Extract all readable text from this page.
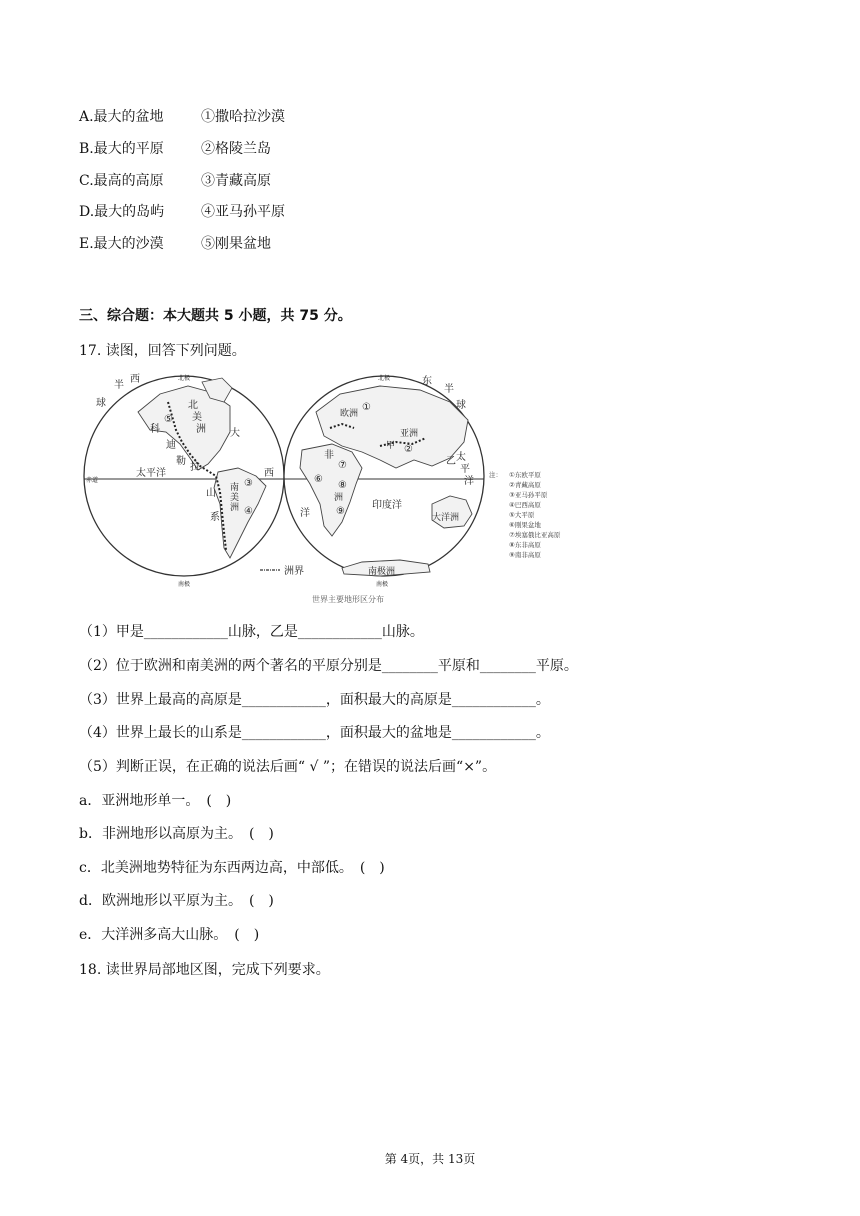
A.最大的盆地	①撒哈拉沙漠
B.最大的平原	②格陵兰岛
C.最高的高原	③青藏高原
D.最大的岛屿	④亚马孙平原
E.最大的沙漠	⑤刚果盆地
三、综合题：本大题共 5 小题，共 75 分。
17. 读图，回答下列问题。
半
西
球
北极
南极
赤道
北
美
洲
科
迪
勒
拉
山
系
大
西
太平洋
南
美
洲
⑤
④
③
东
半
球
北极
南极
欧洲
①
亚洲
甲 ②
乙 太
平
洋
非
⑦
⑥
⑧
洲
⑨
洋
印度洋
大洋洲
南极洲
洲界
世界主要地形区分布
注： ①东欧平原
②青藏高原
③亚马孙平原
④巴西高原
⑤大平原
⑥刚果盆地
⑦埃塞俄比亚高原
⑧东非高原
⑨南非高原
（1）甲是____________山脉，乙是____________山脉。
（2）位于欧洲和南美洲的两个著名的平原分别是________平原和________平原。
（3）世界上最高的高原是____________，面积最大的高原是____________。
（4）世界上最长的山系是____________，面积最大的盆地是____________。
（5）判断正误，在正确的说法后画“ √ ”；在错误的说法后画“×”。
a．亚洲地形单一。　(　)
b．非洲地形以高原为主。　(　)
c．北美洲地势特征为东西两边高，中部低。　(　)
d．欧洲地形以平原为主。　(　)
e．大洋洲多高大山脉。　(　)
18. 读世界局部地区图，完成下列要求。
第 4页，共 13页
